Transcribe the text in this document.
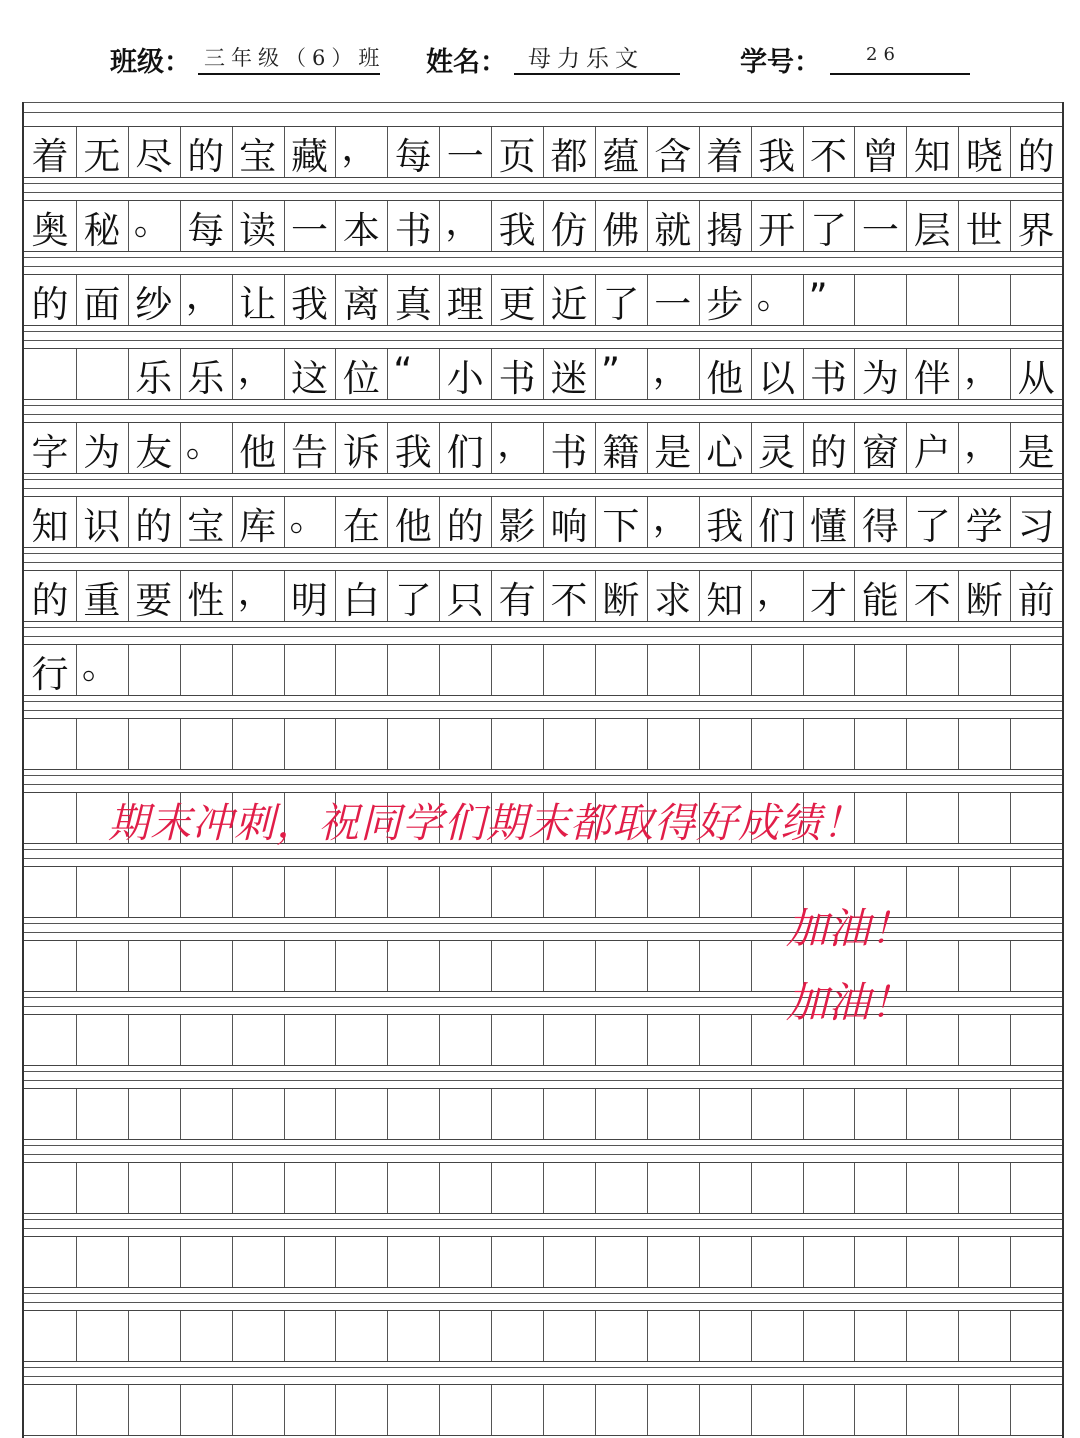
班级： 三年级（6）班 姓名： 母力乐文	学号：	26
着 无 尽 的 宝 藏 ， 每 一 页 都 蕴 含 着 我 不 曾 知 晓 的
奥 秘 。 每 读 一 本 书 ， 我 仿 佛 就 揭 开 了 一 层 世 界
的 面 纱 ， 让 我 离 真 理 更 近 了 一 步 。 ”
乐 乐 ， 这 位 “ 小 书 迷 ” ， 他 以 书 为 伴 ， 从
字 为 友 。 他 告 诉 我 们 ， 书 籍 是 心 灵 的 窗 户 ， 是
知 识 的 宝 库 。 在 他 的 影 响 下 ， 我 们 懂 得 了 学 习
的 重 要 性 ， 明 白 了 只 有 不 断 求 知 ， 才 能 不 断 前
行 。
期末冲刺，祝同学们期末都取得好成绩！
加油！
加油！
